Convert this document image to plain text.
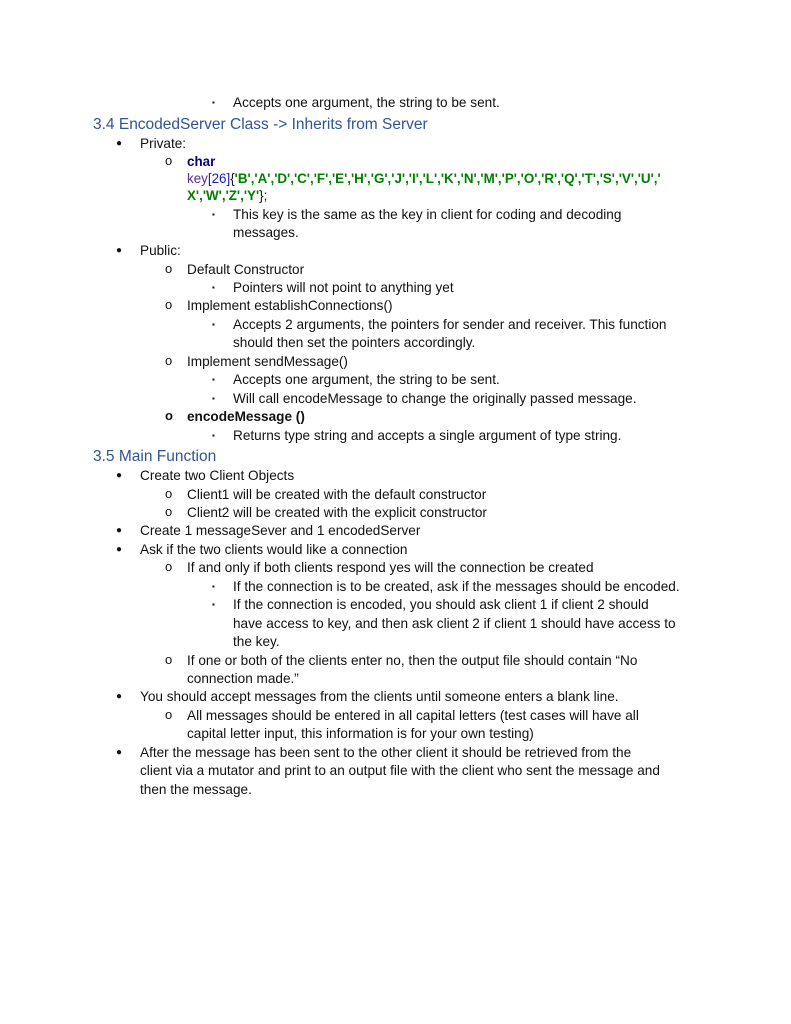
▪ Accepts one argument, the string to be sent.
3.4 EncodedServer Class -> Inherits from Server
● Private:
o char
key[26]{'B','A','D','C','F','E','H','G','J','I','L','K','N','M','P','O','R','Q','T','S','V','U','
X','W','Z','Y'};
▪ This key is the same as the key in client for coding and decoding
messages.
● Public:
o Default Constructor
▪ Pointers will not point to anything yet
o Implement establishConnections()
▪ Accepts 2 arguments, the pointers for sender and receiver. This function
should then set the pointers accordingly.
o Implement sendMessage()
▪ Accepts one argument, the string to be sent.
▪ Will call encodeMessage to change the originally passed message.
o encodeMessage ()
▪ Returns type string and accepts a single argument of type string.
3.5 Main Function
● Create two Client Objects
o Client1 will be created with the default constructor
o Client2 will be created with the explicit constructor
● Create 1 messageSever and 1 encodedServer
● Ask if the two clients would like a connection
o If and only if both clients respond yes will the connection be created
▪ If the connection is to be created, ask if the messages should be encoded.
▪ If the connection is encoded, you should ask client 1 if client 2 should
have access to key, and then ask client 2 if client 1 should have access to
the key.
o If one or both of the clients enter no, then the output file should contain “No
connection made.”
● You should accept messages from the clients until someone enters a blank line.
o All messages should be entered in all capital letters (test cases will have all
capital letter input, this information is for your own testing)
● After the message has been sent to the other client it should be retrieved from the
client via a mutator and print to an output file with the client who sent the message and
then the message.
